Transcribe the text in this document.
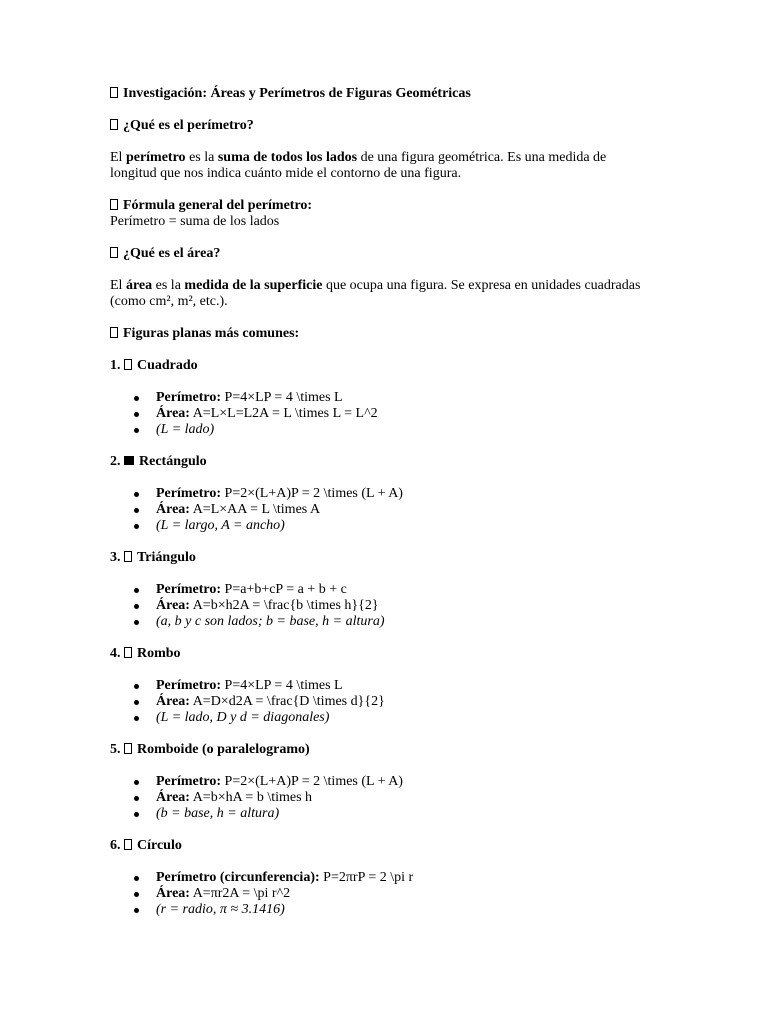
Investigación: Áreas y Perímetros de Figuras Geométricas
¿Qué es el perímetro?
El perímetro es la suma de todos los lados de una figura geométrica. Es una medida de longitud que nos indica cuánto mide el contorno de una figura.
Fórmula general del perímetro:
Perímetro = suma de los lados
¿Qué es el área?
El área es la medida de la superficie que ocupa una figura. Se expresa en unidades cuadradas (como cm², m², etc.).
Figuras planas más comunes:
1. Cuadrado
Perímetro: P=4×LP = 4 \times L
Área: A=L×L=L2A = L \times L = L^2
(L = lado)
2. Rectángulo
Perímetro: P=2×(L+A)P = 2 \times (L + A)
Área: A=L×AA = L \times A
(L = largo, A = ancho)
3. Triángulo
Perímetro: P=a+b+cP = a + b + c
Área: A=b×h2A = \frac{b \times h}{2}
(a, b y c son lados; b = base, h = altura)
4. Rombo
Perímetro: P=4×LP = 4 \times L
Área: A=D×d2A = \frac{D \times d}{2}
(L = lado, D y d = diagonales)
5. Romboide (o paralelogramo)
Perímetro: P=2×(L+A)P = 2 \times (L + A)
Área: A=b×hA = b \times h
(b = base, h = altura)
6. Círculo
Perímetro (circunferencia): P=2πrP = 2 \pi r
Área: A=πr2A = \pi r^2
(r = radio, π ≈ 3.1416)
